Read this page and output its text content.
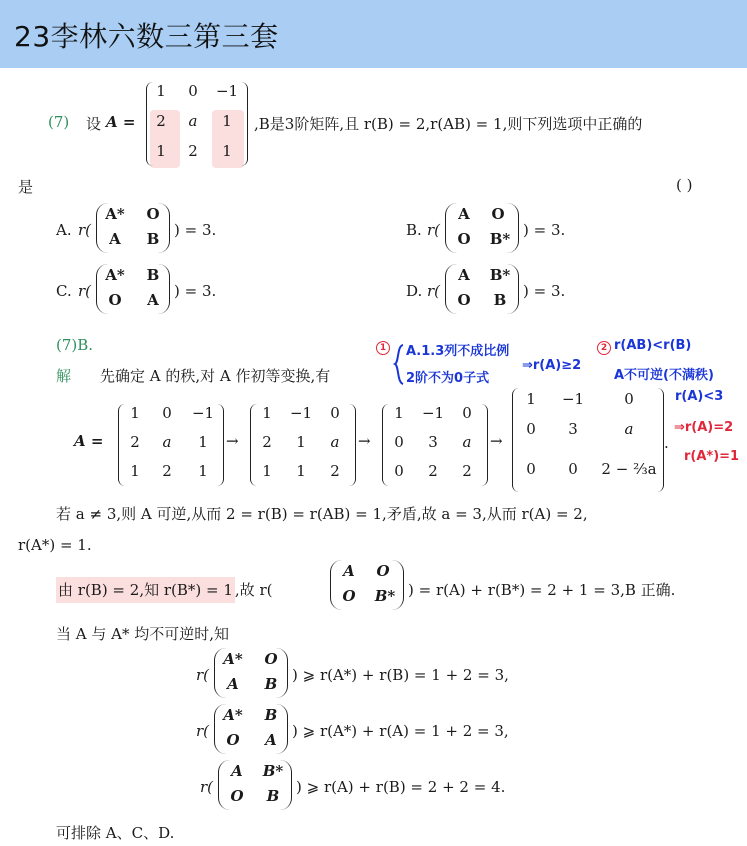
23李林六数三第三套
(7) 设 A =
1	0	−1
2	a	1
1	2	1
,B是3阶矩阵,且 r(B) = 2,r(AB) = 1,则下列选项中正确的
是	( )
A. r(
A*	O
A	B ) = 3.	B. r(
A	O
O	B* ) = 3.
C. r(
A*	B
O	A	) = 3.	D. r(
A	B*
O	B	) = 3.
(7)B.
解 先确定 A 的秩,对 A 作初等变换,有
1 A.1.3列不成比例
2阶不为0子式
⇒r(A)≥2
2 r(AB)<r(B)
A不可逆(不满秩)
r(A)<3
⇒r(A)=2
r(A*)=1
A =
1	0	−1
2	a	1
1	2	1
→
1	−1	0
2	1	a
1	1	2
→
1	−1	0
0	3	a
0	2	2
→
1	−1	0
0	3	a
0	0	2 − ⅔a
.
若 a ≠ 3,则 A 可逆,从而 2 = r(B) = r(AB) = 1,矛盾,故 a = 3,从而 r(A) = 2,
r(A*) = 1.
由 r(B) = 2,知 r(B*) = 1 ,故 r(
A	O
O	B* ) = r(A) + r(B*) = 2 + 1 = 3,B 正确.
当 A 与 A* 均不可逆时,知
r(
A*	O
A	B ) ⩾ r(A*) + r(B) = 1 + 2 = 3,
r(
A*	B
O	A	) ⩾ r(A*) + r(A) = 1 + 2 = 3,
r(
A	B*
O	B	) ⩾ r(A) + r(B) = 2 + 2 = 4.
可排除 A、C、D.
